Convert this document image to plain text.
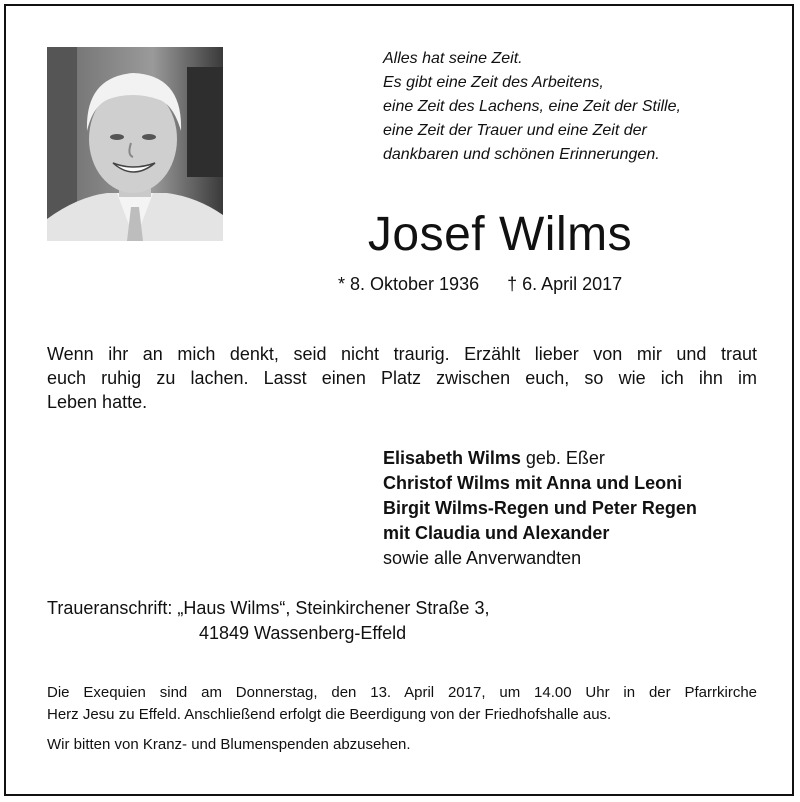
Alles hat seine Zeit.
Es gibt eine Zeit des Arbeitens,
eine Zeit des Lachens, eine Zeit der Stille,
eine Zeit der Trauer und eine Zeit der
dankbaren und schönen Erinnerungen.
Josef Wilms
* 8. Oktober 1936 † 6. April 2017
Wenn ihr an mich denkt, seid nicht traurig. Erzählt lieber von mir und traut
euch ruhig zu lachen. Lasst einen Platz zwischen euch, so wie ich ihn im
Leben hatte.
Elisabeth Wilms geb. Eßer
Christof Wilms mit Anna und Leoni
Birgit Wilms-Regen und Peter Regen
mit Claudia und Alexander
sowie alle Anverwandten
Traueranschrift: „Haus Wilms“, Steinkirchener Straße 3,
41849 Wassenberg-Effeld
Die Exequien sind am Donnerstag, den 13. April 2017, um 14.00 Uhr in der Pfarrkirche
Herz Jesu zu Effeld. Anschließend erfolgt die Beerdigung von der Friedhofshalle aus.
Wir bitten von Kranz- und Blumenspenden abzusehen.
